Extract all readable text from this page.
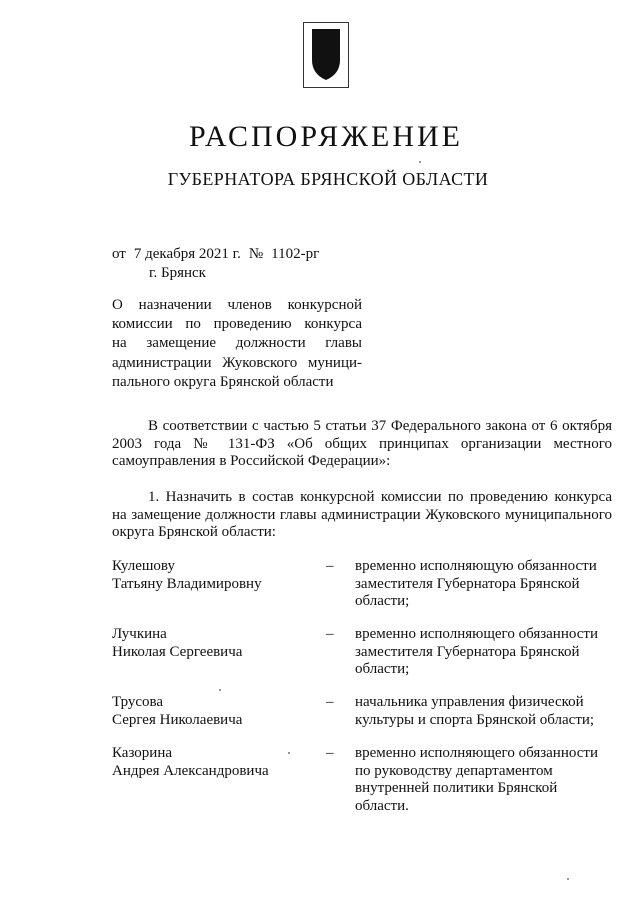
РАСПОРЯЖЕНИЕ
ГУБЕРНАТОРА БРЯНСКОЙ ОБЛАСТИ
от 7 декабря 2021 г. № 1102-рг
г. Брянск
О назначении членов конкурсной
комиссии по проведению конкурса
на замещение должности главы
администрации Жуковского муници-
пального округа Брянской области
В соответствии с частью 5 статьи 37 Федерального закона от 6 октября
2003 года № 131-ФЗ «Об общих принципах организации местного
самоуправления в Российской Федерации»:
1. Назначить в состав конкурсной комиссии по проведению конкурса
на замещение должности главы администрации Жуковского муниципального
округа Брянской области:
Кулешову
Татьяну Владимировну
– временно исполняющую обязанности
заместителя Губернатора Брянской
области;
Лучкина
Николая Сергеевича
– временно исполняющего обязанности
заместителя Губернатора Брянской
области;
Трусова
Сергея Николаевича
– начальника управления физической
культуры и спорта Брянской области;
Казорина
Андрея Александровича
– временно исполняющего обязанности
по руководству департаментом
внутренней политики Брянской
области.
